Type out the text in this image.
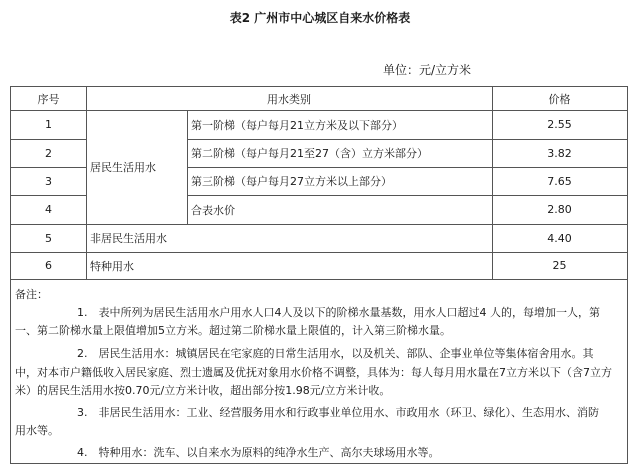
表2 广州市中心城区自来水价格表
单位：元/立方米
序号	用水类别	价格
居民生活用水
1	第一阶梯（每户每月21立方米及以下部分）	2.55
2	第二阶梯（每户每月21至27（含）立方米部分）	3.82
3	第三阶梯（每户每月27立方米以上部分）	7.65
4	合表水价	2.80
5	非居民生活用水	4.40
6	特种用水	25
备注：
1.　表中所列为居民生活用水户用水人口4人及以下的阶梯水量基数，用水人口超过4 人的，每增加一人，第
一、第二阶梯水量上限值增加5立方米。超过第二阶梯水量上限值的，计入第三阶梯水量。
2.　居民生活用水：城镇居民在宅家庭的日常生活用水，以及机关、部队、企事业单位等集体宿舍用水。其
中，对本市户籍低收入居民家庭、烈士遗属及优抚对象用水价格不调整，具体为：每人每月用水量在7立方米以下（含7立方
米）的居民生活用水按0.70元/立方米计收，超出部分按1.98元/立方米计收。
3.　非居民生活用水：工业、经营服务用水和行政事业单位用水、市政用水（环卫、绿化）、生态用水、消防
用水等。
4.　特种用水：洗车、以自来水为原料的纯净水生产、高尔夫球场用水等。
